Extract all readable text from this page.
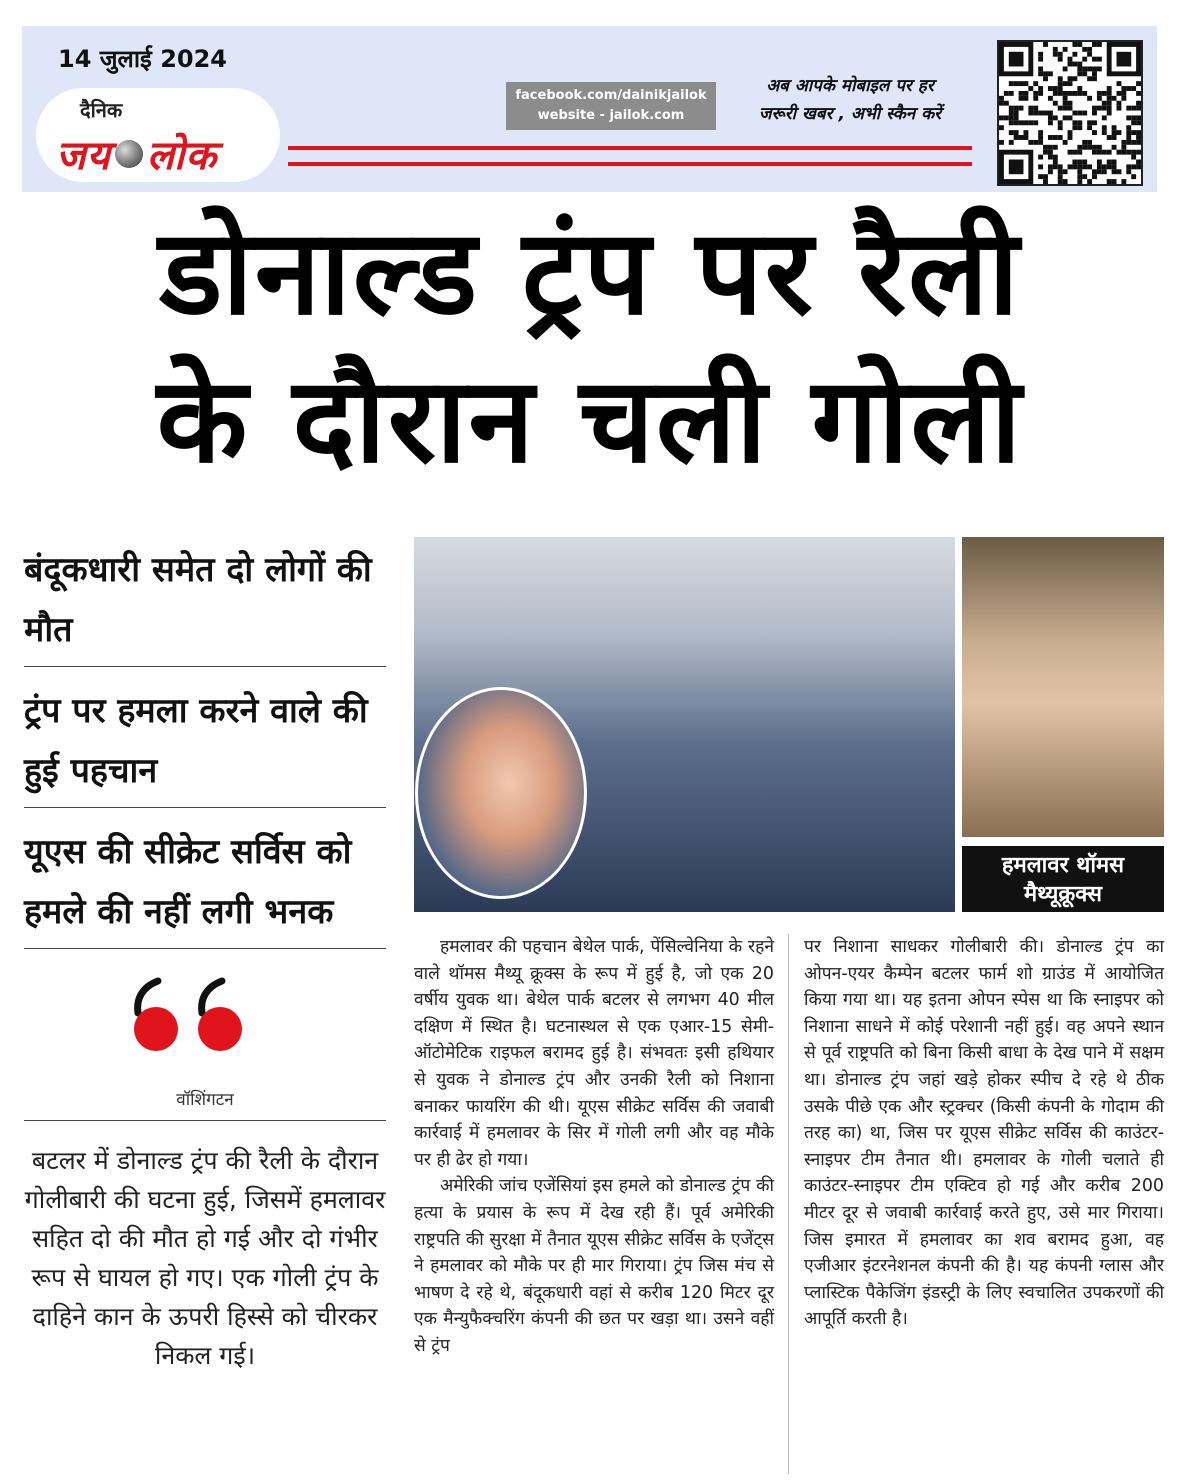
14 जुलाई 2024
दैनिक
जय लोक
facebook.com/dainikjailok
website - jailok.com
अब आपके मोबाइल पर हर
जरूरी खबर , अभी स्कैन करें
डोनाल्ड ट्रंप पर रैली
के दौरान चली गोली
बंदूकधारी समेत दो लोगों की मौत
ट्रंप पर हमला करने वाले की हुई पहचान
यूएस की सीक्रेट सर्विस को हमले की नहीं लगी भनक
वॉशिंगटन
बटलर में डोनाल्ड ट्रंप की रैली के दौरान गोलीबारी की घटना हुई, जिसमें हमलावर सहित दो की मौत हो गई और दो गंभीर रूप से घायल हो गए। एक गोली ट्रंप के दाहिने कान के ऊपरी हिस्से को चीरकर निकल गई।
हमलावर थॉमस
मैथ्यूक्रूक्स

हमलावर की पहचान बेथेल पार्क, पेंसिल्वेनिया के रहने वाले थॉमस मैथ्यू क्रूक्स के रूप में हुई है, जो एक 20 वर्षीय युवक था। बेथेल पार्क बटलर से लगभग 40 मील दक्षिण में स्थित है। घटनास्थल से एक एआर-15 सेमी-ऑटोमेटिक राइफल बरामद हुई है। संभवतः इसी हथियार से युवक ने डोनाल्ड ट्रंप और उनकी रैली को निशाना बनाकर फायरिंग की थी। यूएस सीक्रेट सर्विस की जवाबी कार्रवाई में हमलावर के सिर में गोली लगी और वह मौके पर ही ढेर हो गया।

अमेरिकी जांच एजेंसियां इस हमले को डोनाल्ड ट्रंप की हत्या के प्रयास के रूप में देख रही हैं। पूर्व अमेरिकी राष्ट्रपति की सुरक्षा में तैनात यूएस सीक्रेट सर्विस के एजेंट्स ने हमलावर को मौके पर ही मार गिराया। ट्रंप जिस मंच से भाषण दे रहे थे, बंदूकधारी वहां से करीब 120 मिटर दूर एक मैन्युफैक्चरिंग कंपनी की छत पर खड़ा था। उसने वहीं से ट्रंप

पर निशाना साधकर गोलीबारी की। डोनाल्ड ट्रंप का ओपन-एयर कैम्पेन बटलर फार्म शो ग्राउंड में आयोजित किया गया था। यह इतना ओपन स्पेस था कि स्नाइपर को निशाना साधने में कोई परेशानी नहीं हुई। वह अपने स्थान से पूर्व राष्ट्रपति को बिना किसी बाधा के देख पाने में सक्षम था। डोनाल्ड ट्रंप जहां खड़े होकर स्पीच दे रहे थे ठीक उसके पीछे एक और स्ट्रक्चर (किसी कंपनी के गोदाम की तरह का) था, जिस पर यूएस सीक्रेट सर्विस की काउंटर-स्नाइपर टीम तैनात थी। हमलावर के गोली चलाते ही काउंटर-स्नाइपर टीम एक्टिव हो गई और करीब 200 मीटर दूर से जवाबी कार्रवाई करते हुए, उसे मार गिराया। जिस इमारत में हमलावर का शव बरामद हुआ, वह एजीआर इंटरनेशनल कंपनी की है। यह कंपनी ग्लास और प्लास्टिक पैकेजिंग इंडस्ट्री के लिए स्वचालित उपकरणों की आपूर्ति करती है।
